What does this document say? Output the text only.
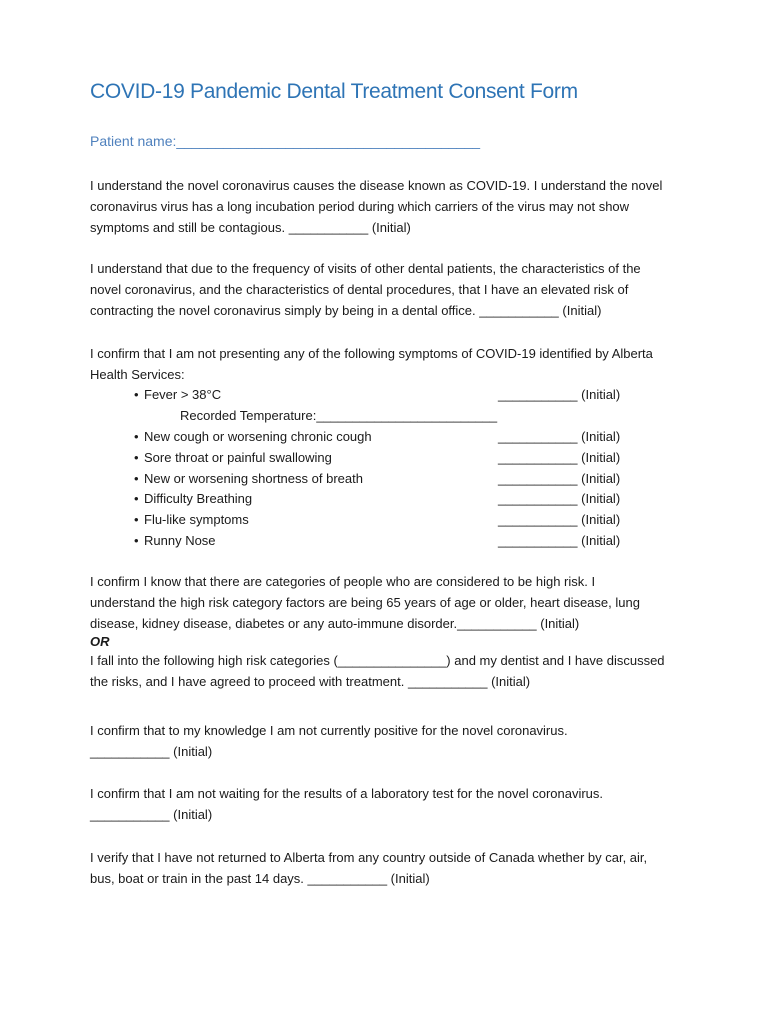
COVID-19 Pandemic Dental Treatment Consent Form
Patient name:_______________________________________

I understand the novel coronavirus causes the disease known as COVID-19. I understand the novel
coronavirus virus has a long incubation period during which carriers of the virus may not show
symptoms and still be contagious. ___________ (Initial)

I understand that due to the frequency of visits of other dental patients, the characteristics of the
novel coronavirus, and the characteristics of dental procedures, that I have an elevated risk of
contracting the novel coronavirus simply by being in a dental office. ___________ (Initial)

I confirm that I am not presenting any of the following symptoms of COVID-19 identified by Alberta
Health Services:

• Fever > 38°C	___________ (Initial)
Recorded Temperature:_________________________
• New cough or worsening chronic cough	___________ (Initial)
• Sore throat or painful swallowing	___________ (Initial)
• New or worsening shortness of breath	___________ (Initial)
• Difficulty Breathing	___________ (Initial)
• Flu-like symptoms	___________ (Initial)
• Runny Nose	___________ (Initial)

I confirm I know that there are categories of people who are considered to be high risk. I
understand the high risk category factors are being 65 years of age or older, heart disease, lung
disease, kidney disease, diabetes or any auto-immune disorder.___________ (Initial)

OR

I fall into the following high risk categories (_______________) and my dentist and I have discussed
the risks, and I have agreed to proceed with treatment. ___________ (Initial)

I confirm that to my knowledge I am not currently positive for the novel coronavirus.
___________ (Initial)

I confirm that I am not waiting for the results of a laboratory test for the novel coronavirus.
___________ (Initial)

I verify that I have not returned to Alberta from any country outside of Canada whether by car, air,
bus, boat or train in the past 14 days. ___________ (Initial)
